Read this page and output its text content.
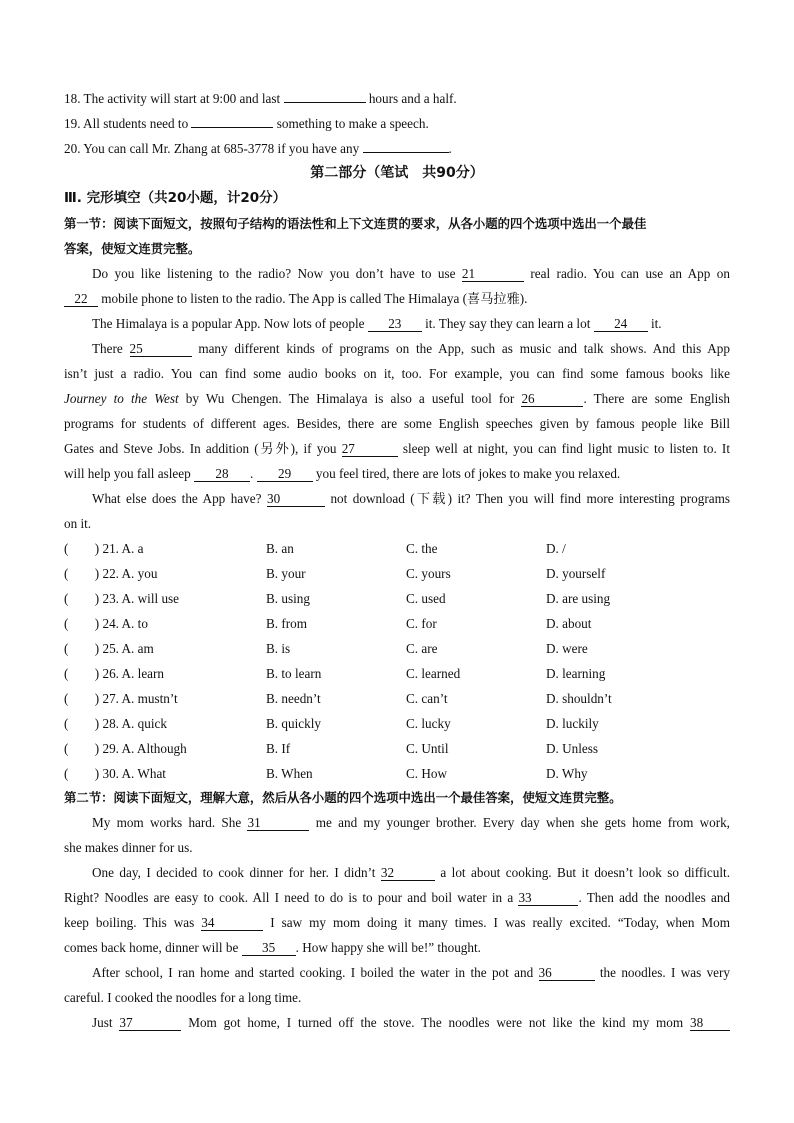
18. The activity will start at 9:00 and last	hours and a half.
19. All students need to	something to make a speech.
20. You can call Mr. Zhang at 685-3778 if you have any	.
第二部分（笔试　共90分）
Ⅲ. 完形填空（共20小题，计20分）
第一节：阅读下面短文，按照句子结构的语法性和上下文连贯的要求，从各小题的四个选项中选出一个最佳
答案，使短文连贯完整。
Do you like listening to the radio? Now you don’t have to use 21	real radio. You can use an App on
22 mobile phone to listen to the radio. The App is called The Himalaya (喜马拉雅).
The Himalaya is a popular App. Now lots of people 23 it. They say they can learn a lot 24 it.
There 25	many different kinds of programs on the App, such as music and talk shows. And this App
isn’t just a radio. You can find some audio books on it, too. For example, you can find some famous books like
Journey to the West by Wu Chengen. The Himalaya is also a useful tool for 26	. There are some English
programs for students of different ages. Besides, there are some English speeches given by famous people like Bill
Gates and Steve Jobs. In addition (另外), if you 27	sleep well at night, you can find light music to listen to. It
will help you fall asleep 28 . 29 you feel tired, there are lots of jokes to make you relaxed.
What else does the App have? 30	not download (下载) it? Then you will find more interesting programs
on it.
(　　) 21. A. a	B. an	C. the	D. /
(　　) 22. A. you	B. your	C. yours	D. yourself
(　　) 23. A. will use	B. using	C. used	D. are using
(　　) 24. A. to	B. from	C. for	D. about
(　　) 25. A. am	B. is	C. are	D. were
(　　) 26. A. learn	B. to learn	C. learned	D. learning
(　　) 27. A. mustn’t	B. needn’t	C. can’t	D. shouldn’t
(　　) 28. A. quick	B. quickly	C. lucky	D. luckily
(　　) 29. A. Although	B. If	C. Until	D. Unless
(　　) 30. A. What	B. When	C. How	D. Why
第二节：阅读下面短文，理解大意，然后从各小题的四个选项中选出一个最佳答案，使短文连贯完整。
My mom works hard. She 31	me and my younger brother. Every day when she gets home from work,
she makes dinner for us.
One day, I decided to cook dinner for her. I didn’t 32	a lot about cooking. But it doesn’t look so difficult.
Right? Noodles are easy to cook. All I need to do is to pour and boil water in a 33	. Then add the noodles and
keep boiling. This was 34	I saw my mom doing it many times. I was really excited. “Today, when Mom
comes back home, dinner will be 35 . How happy she will be!” thought.
After school, I ran home and started cooking. I boiled the water in the pot and 36	the noodles. I was very
careful. I cooked the noodles for a long time.
Just 37	Mom got home, I turned off the stove. The noodles were not like the kind my mom 38
